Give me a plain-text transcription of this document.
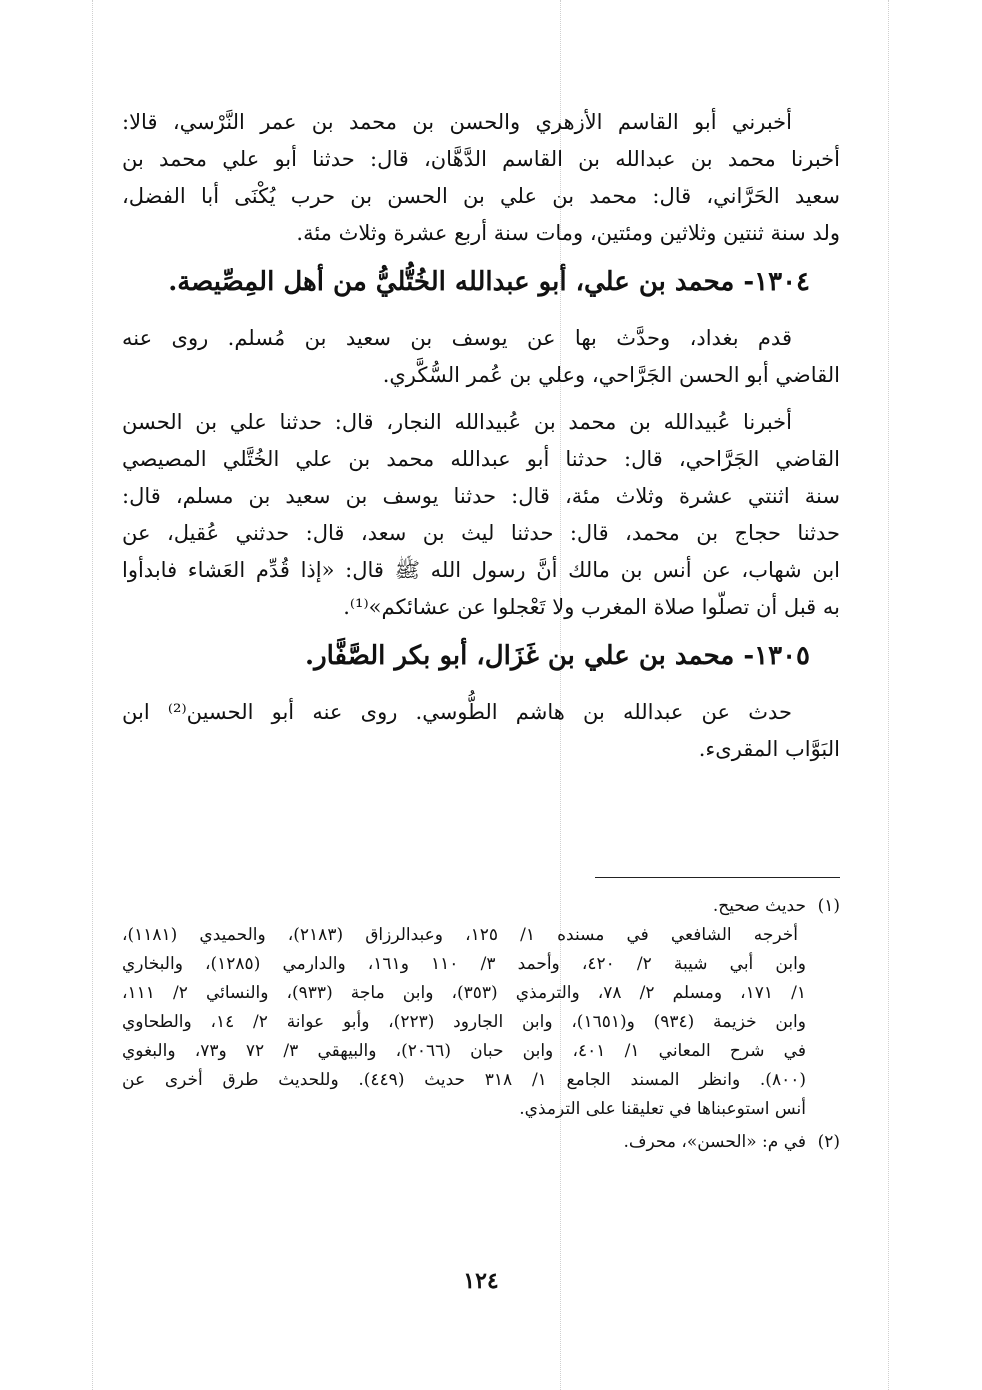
أخبرني أبو القاسم الأزهري والحسن بن محمد بن عمر النَّرْسي، قالا:
أخبرنا محمد بن عبدالله بن القاسم الدَّهَّان، قال: حدثنا أبو علي محمد بن
سعيد الحَرَّاني، قال: محمد بن علي بن الحسن بن حرب يُكْنَى أبا الفضل،
ولد سنة ثنتين وثلاثين ومئتين، ومات سنة أربع عشرة وثلاث مئة.
١٣٠٤- محمد بن علي، أبو عبدالله الخُتُّليُّ من أهل المِصِّيصة.
قدم بغداد، وحدَّث بها عن يوسف بن سعيد بن مُسلم. روى عنه
القاضي أبو الحسن الجَرَّاحي، وعلي بن عُمر السُّكَّري.
أخبرنا عُبيدالله بن محمد بن عُبيدالله النجار، قال: حدثنا علي بن الحسن
القاضي الجَرَّاحي، قال: حدثنا أبو عبدالله محمد بن علي الخُتَّلي المصيصي
سنة اثنتي عشرة وثلاث مئة، قال: حدثنا يوسف بن سعيد بن مسلم، قال:
حدثنا حجاج بن محمد، قال: حدثنا ليث بن سعد، قال: حدثني عُقيل، عن
ابن شهاب، عن أنس بن مالك أنَّ رسول الله ﷺ قال: «إذا قُدِّم العَشاء فابدأوا
به قبل أن تصلّوا صلاة المغرب ولا تَعْجلوا عن عشائكم»⁽¹⁾.
١٣٠٥- محمد بن علي بن غَزَال، أبو بكر الصَّفَّار.
حدث عن عبدالله بن هاشم الطُّوسي. روى عنه أبو الحسين⁽²⁾ ابن
البَوَّاب المقرىء.
(١)
حديث صحيح.
أخرجه الشافعي في مسنده ١/ ١٢٥، وعبدالرزاق (٢١٨٣)، والحميدي (١١٨١)،
وابن أبي شيبة ٢/ ٤٢٠، وأحمد ٣/ ١١٠ و١٦١، والدارمي (١٢٨٥)، والبخاري
١/ ١٧١، ومسلم ٢/ ٧٨، والترمذي (٣٥٣)، وابن ماجة (٩٣٣)، والنسائي ٢/ ١١١،
وابن خزيمة (٩٣٤) و(١٦٥١)، وابن الجارود (٢٢٣)، وأبو عوانة ٢/ ١٤، والطحاوي
في شرح المعاني ١/ ٤٠١، وابن حبان (٢٠٦٦)، والبيهقي ٣/ ٧٢ و٧٣، والبغوي
(٨٠٠). وانظر المسند الجامع ١/ ٣١٨ حديث (٤٤٩). وللحديث طرق أخرى عن
أنس استوعبناها في تعليقنا على الترمذي.
(٢)
في م: «الحسن»، محرف.
١٢٤
